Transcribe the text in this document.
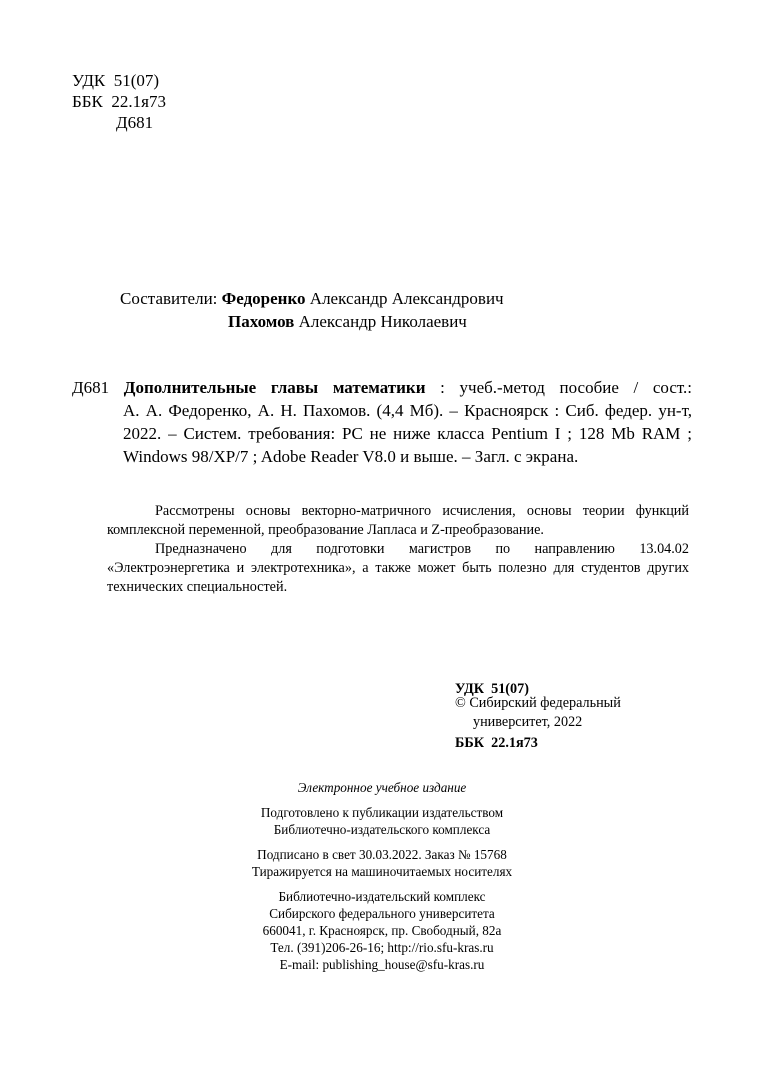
УДК 51(07)
ББК 22.1я73
Д681
Составители: Федоренко Александр Александрович
Пахомов Александр Николаевич
Д681 Дополнительные главы математики : учеб.-метод пособие / сост.:
А. А. Федоренко, А. Н. Пахомов. (4,4 Мб). – Красноярск : Сиб. федер. ун-т,
2022. – Систем. требования: PC не ниже класса Pentium I ; 128 Mb RAM ;
Windows 98/XP/7 ; Adobe Reader V8.0 и выше. – Загл. с экрана.

Рассмотрены основы векторно-матричного исчисления, основы теории функций комплексной переменной, преобразование Лапласа и Z-преобразование.

Предназначено для подготовки магистров по направлению 13.04.02 «Электроэнергетика и электротехника», а также может быть полезно для студентов других технических специальностей.

УДК  51(07)

ББК  22.1я73

© Сибирский федеральный
университет, 2022
Электронное учебное издание
Подготовлено к публикации издательством
Библиотечно-издательского комплекса
Подписано в свет 30.03.2022. Заказ № 15768
Тиражируется на машиночитаемых носителях
Библиотечно-издательский комплекс
Сибирского федерального университета
660041, г. Красноярск, пр. Свободный, 82а
Тел. (391)206-26-16; http://rio.sfu-kras.ru
E-mail: publishing_house@sfu-kras.ru
